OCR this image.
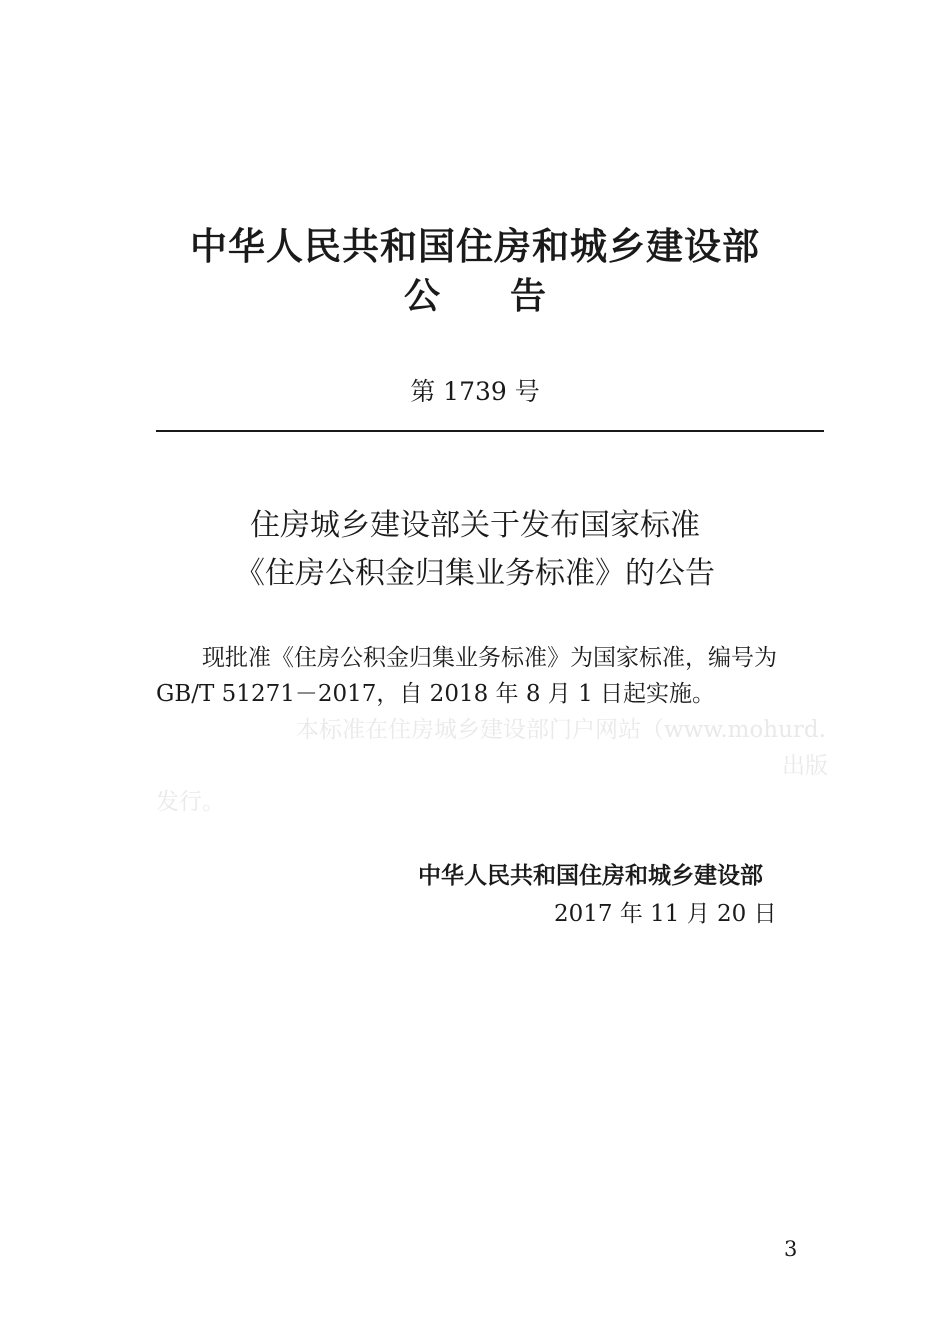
中华人民共和国住房和城乡建设部
公告
第 1739 号
住房城乡建设部关于发布国家标准
《住房公积金归集业务标准》的公告
现批准《住房公积金归集业务标准》为国家标准，编号为
GB/T 51271－2017，自 2018 年 8 月 1 日起实施。
本标准在住房城乡建设部门户网站（www.mohurd.
出版
发行。
中华人民共和国住房和城乡建设部
2017 年 11 月 20 日
3
